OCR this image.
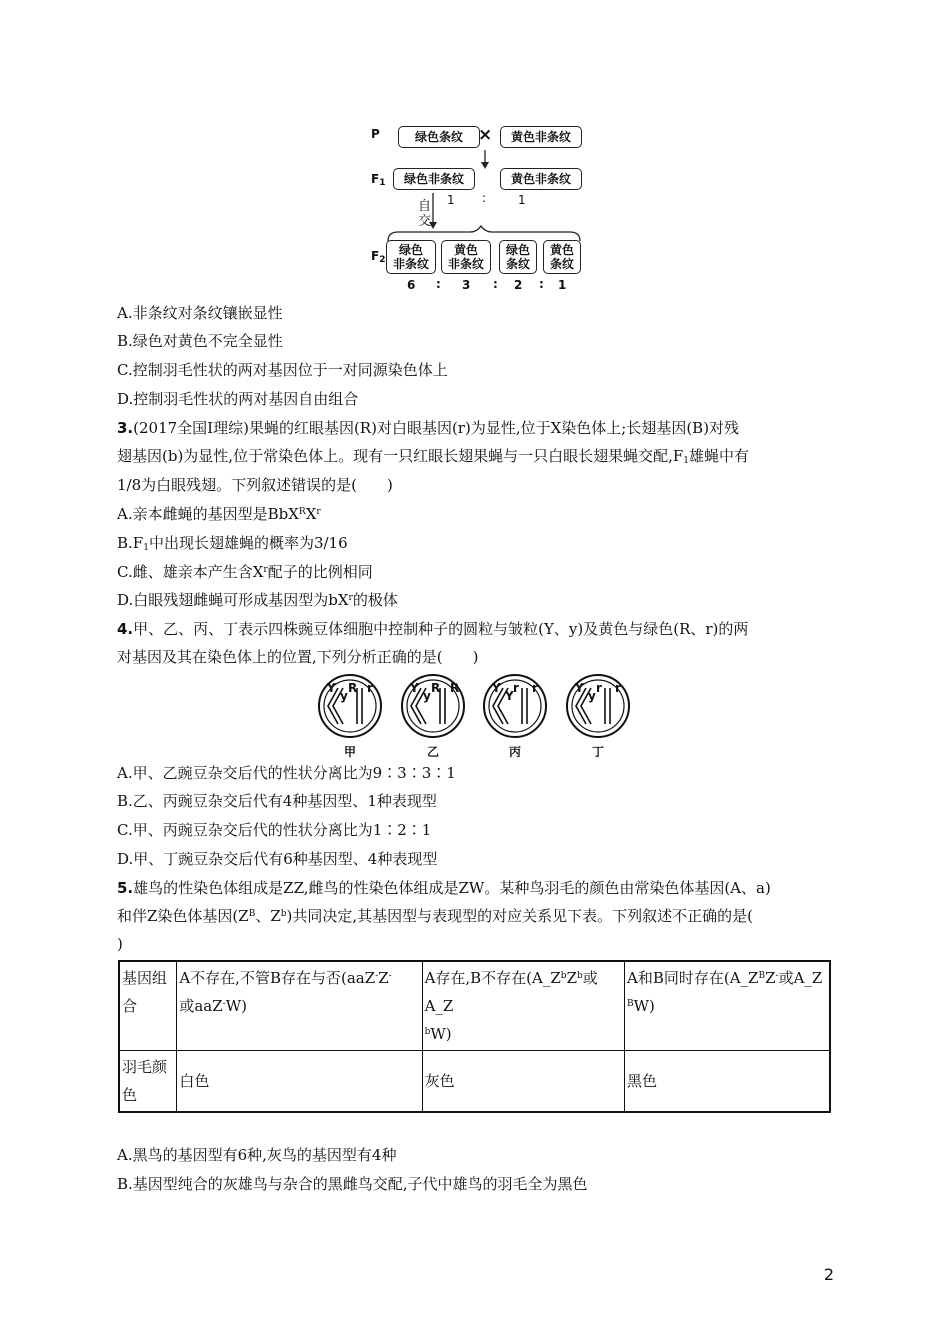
P	绿色条纹 ×	黄色非条纹
$F_1$	绿色非条纹	黄色非条纹
自
交
1 :	1
$F_2$
绿色
非条纹
黄色
非条纹
绿色
条纹
黄色
条纹
6 : 3 : 2 : 1
A.非条纹对条纹镶嵌显性
B.绿色对黄色不完全显性
C.控制羽毛性状的两对基因位于一对同源染色体上
D.控制羽毛性状的两对基因自由组合
3.(2017全国Ⅰ理综)果蝇的红眼基因(R)对白眼基因(r)为显性,位于X染色体上;长翅基因(B)对残
翅基因(b)为显性,位于常染色体上。现有一只红眼长翅果蝇与一只白眼长翅果蝇交配$,F_1$雄蝇中有
1/8为白眼残翅。下列叙述错误的是(　　)
A.亲本雌蝇的基因型是$BbX^RX^r$
$B.F_1$中出现长翅雄蝇的概率为3/16
C.雌、雄亲本产生含$X^r$配子的比例相同
D.白眼残翅雌蝇可形成基因型为$bX^r$的极体
4.甲、乙、丙、丁表示四株豌豆体细胞中控制种子的圆粒与皱粒(Y、y)及黄色与绿色(R、r)的两
对基因及其在染色体上的位置,下列分析正确的是(　　)
Y
y
R r	Y
y
R R	Y
Y
r r	Y
y
r r
甲	乙	丙	丁
A.甲、乙豌豆杂交后代的性状分离比为9∶3∶3∶1
B.乙、丙豌豆杂交后代有4种基因型、1种表现型
C.甲、丙豌豆杂交后代的性状分离比为1∶2∶1
D.甲、丁豌豆杂交后代有6种基因型、4种表现型
5.雄鸟的性染色体组成是ZZ,雌鸟的性染色体组成是ZW。某种鸟羽毛的颜色由常染色体基因(A、a)
和伴Z染色体基因($Z^B$、$Z^b$)共同决定,其基因型与表现型的对应关系见下表。下列叙述不正确的是(
)
基因组合	A不存在,不管B存在与否(aaZ-Z-
或aaZ-W)	A存在,B不存在($A\_Z^bZ^b$或A_Z
$^b$W)	A和B同时存在($A\_Z^BZ^-$或A_Z
$^B$W)
羽毛颜色	白色	灰色	黑色
A.黑鸟的基因型有6种,灰鸟的基因型有4种
B.基因型纯合的灰雄鸟与杂合的黑雌鸟交配,子代中雄鸟的羽毛全为黑色
2
